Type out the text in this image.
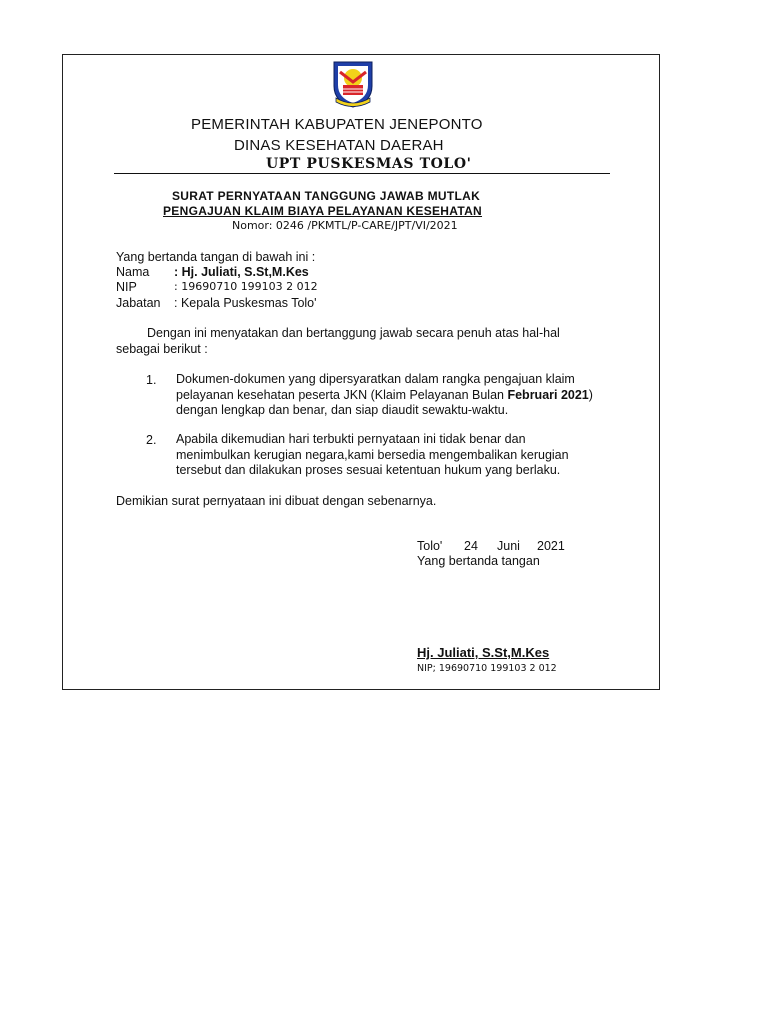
PEMERINTAH KABUPATEN JENEPONTO
DINAS KESEHATAN DAERAH
UPT PUSKESMAS TOLO'
SURAT PERNYATAAN TANGGUNG JAWAB MUTLAK
PENGAJUAN KLAIM BIAYA PELAYANAN KESEHATAN
Nomor: 0246 /PKMTL/P-CARE/JPT/VI/2021
Yang bertanda tangan di bawah ini :
Nama : Hj. Juliati, S.St,M.Kes
NIP	: 19690710 199103 2 012
Jabatan : Kepala Puskesmas Tolo'
Dengan ini menyatakan dan bertanggung jawab secara penuh atas hal-hal
sebagai berikut :
1. Dokumen-dokumen yang dipersyaratkan dalam rangka pengajuan klaim
pelayanan kesehatan peserta JKN (Klaim Pelayanan Bulan Februari 2021)
dengan lengkap dan benar, dan siap diaudit sewaktu-waktu.
2. Apabila dikemudian hari terbukti pernyataan ini tidak benar dan
menimbulkan kerugian negara,kami bersedia mengembalikan kerugian
tersebut dan dilakukan proses sesuai ketentuan hukum yang berlaku.
Demikian surat pernyataan ini dibuat dengan sebenarnya.
Tolo' 24 Juni 2021
Yang bertanda tangan
Hj. Juliati, S.St,M.Kes
NIP; 19690710 199103 2 012
